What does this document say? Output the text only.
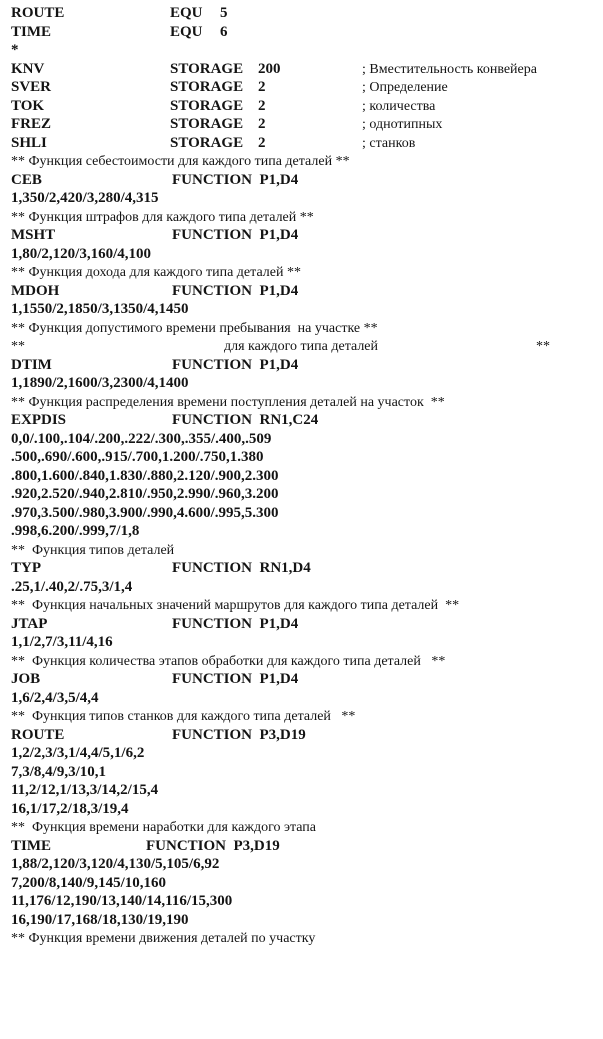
ROUTE	EQU 5
TIME	EQU 6
*
KNV	STORAGE 200	; Вместительность конвейера
SVER	STORAGE 2	; Определение
TOK	STORAGE 2	; количества
FREZ	STORAGE 2	; однотипных
SHLI	STORAGE 2	; станков
** Функция себестоимости для каждого типа деталей **
CEB	FUNCTION  P1,D4
1,350/2,420/3,280/4,315
** Функция штрафов для каждого типа деталей **
MSHT	FUNCTION  P1,D4
1,80/2,120/3,160/4,100
** Функция дохода для каждого типа деталей **
MDOH	FUNCTION  P1,D4
1,1550/2,1850/3,1350/4,1450
** Функция допустимого времени пребывания  на участке **
**	для каждого типа деталей	**
DTIM	FUNCTION  P1,D4
1,1890/2,1600/3,2300/4,1400
** Функция распределения времени поступления деталей на участок  **
EXPDIS	FUNCTION  RN1,C24
0,0/.100,.104/.200,.222/.300,.355/.400,.509
.500,.690/.600,.915/.700,1.200/.750,1.380
.800,1.600/.840,1.830/.880,2.120/.900,2.300
.920,2.520/.940,2.810/.950,2.990/.960,3.200
.970,3.500/.980,3.900/.990,4.600/.995,5.300
.998,6.200/.999,7/1,8
**  Функция типов деталей
TYP	FUNCTION  RN1,D4
.25,1/.40,2/.75,3/1,4
**  Функция начальных значений маршрутов для каждого типа деталей  **
JTAP	FUNCTION  P1,D4
1,1/2,7/3,11/4,16
**  Функция количества этапов обработки для каждого типа деталей   **
JOB	FUNCTION  P1,D4
1,6/2,4/3,5/4,4
**  Функция типов станков для каждого типа деталей   **
ROUTE	FUNCTION  P3,D19
1,2/2,3/3,1/4,4/5,1/6,2
7,3/8,4/9,3/10,1
11,2/12,1/13,3/14,2/15,4
16,1/17,2/18,3/19,4
**  Функция времени наработки для каждого этапа
TIME	FUNCTION  P3,D19
1,88/2,120/3,120/4,130/5,105/6,92
7,200/8,140/9,145/10,160
11,176/12,190/13,140/14,116/15,300
16,190/17,168/18,130/19,190
** Функция времени движения деталей по участку
